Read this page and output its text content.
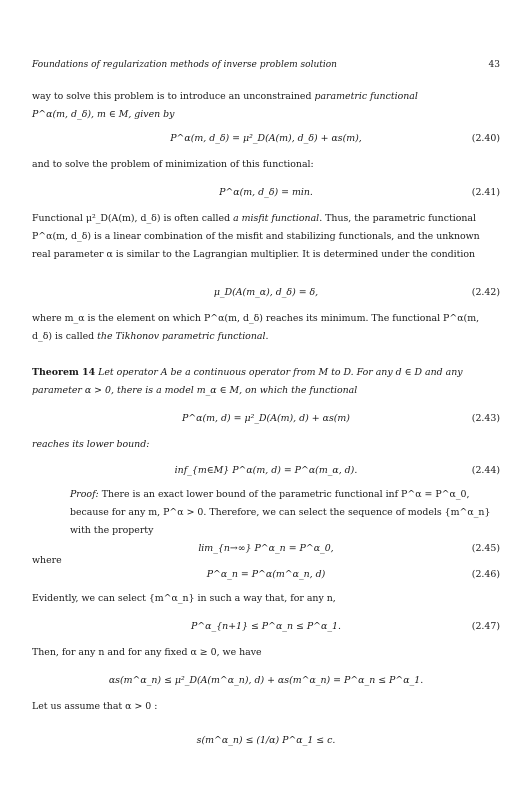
Foundations of regularization methods of inverse problem solution	43
way to solve this problem is to introduce an unconstrained parametric functional
P^α(m, d_δ), m ∈ M, given by
P^α(m, d_δ) = μ²_D(A(m), d_δ) + αs(m),	(2.40)
and to solve the problem of minimization of this functional:
P^α(m, d_δ) = min.	(2.41)
Functional μ²_D(A(m), d_δ) is often called a misfit functional. Thus, the parametric functional P^α(m, d_δ) is a linear combination of the misfit and stabilizing functionals, and the unknown real parameter α is similar to the Lagrangian multiplier. It is determined under the condition
μ_D(A(m_α), d_δ) = δ,	(2.42)
where m_α is the element on which P^α(m, d_δ) reaches its minimum. The functional P^α(m, d_δ) is called the Tikhonov parametric functional.
Theorem 14 Let operator A be a continuous operator from M to D. For any d ∈ D and any parameter α > 0, there is a model m_α ∈ M, on which the functional
P^α(m, d) = μ²_D(A(m), d) + αs(m)	(2.43)
reaches its lower bound:
inf_{m∈M} P^α(m, d) = P^α(m_α, d).	(2.44)
Proof: There is an exact lower bound of the parametric functional inf P^α = P^α_0, because for any m, P^α > 0. Therefore, we can select the sequence of models {m^α_n} with the property
lim_{n→∞} P^α_n = P^α_0,	(2.45)
where
P^α_n = P^α(m^α_n, d)	(2.46)
Evidently, we can select {m^α_n} in such a way that, for any n,
P^α_{n+1} ≤ P^α_n ≤ P^α_1.	(2.47)
Then, for any n and for any fixed α ≥ 0, we have
αs(m^α_n) ≤ μ²_D(A(m^α_n), d) + αs(m^α_n) = P^α_n ≤ P^α_1.
Let us assume that α > 0 :
s(m^α_n) ≤ (1/α) P^α_1 ≤ c.
